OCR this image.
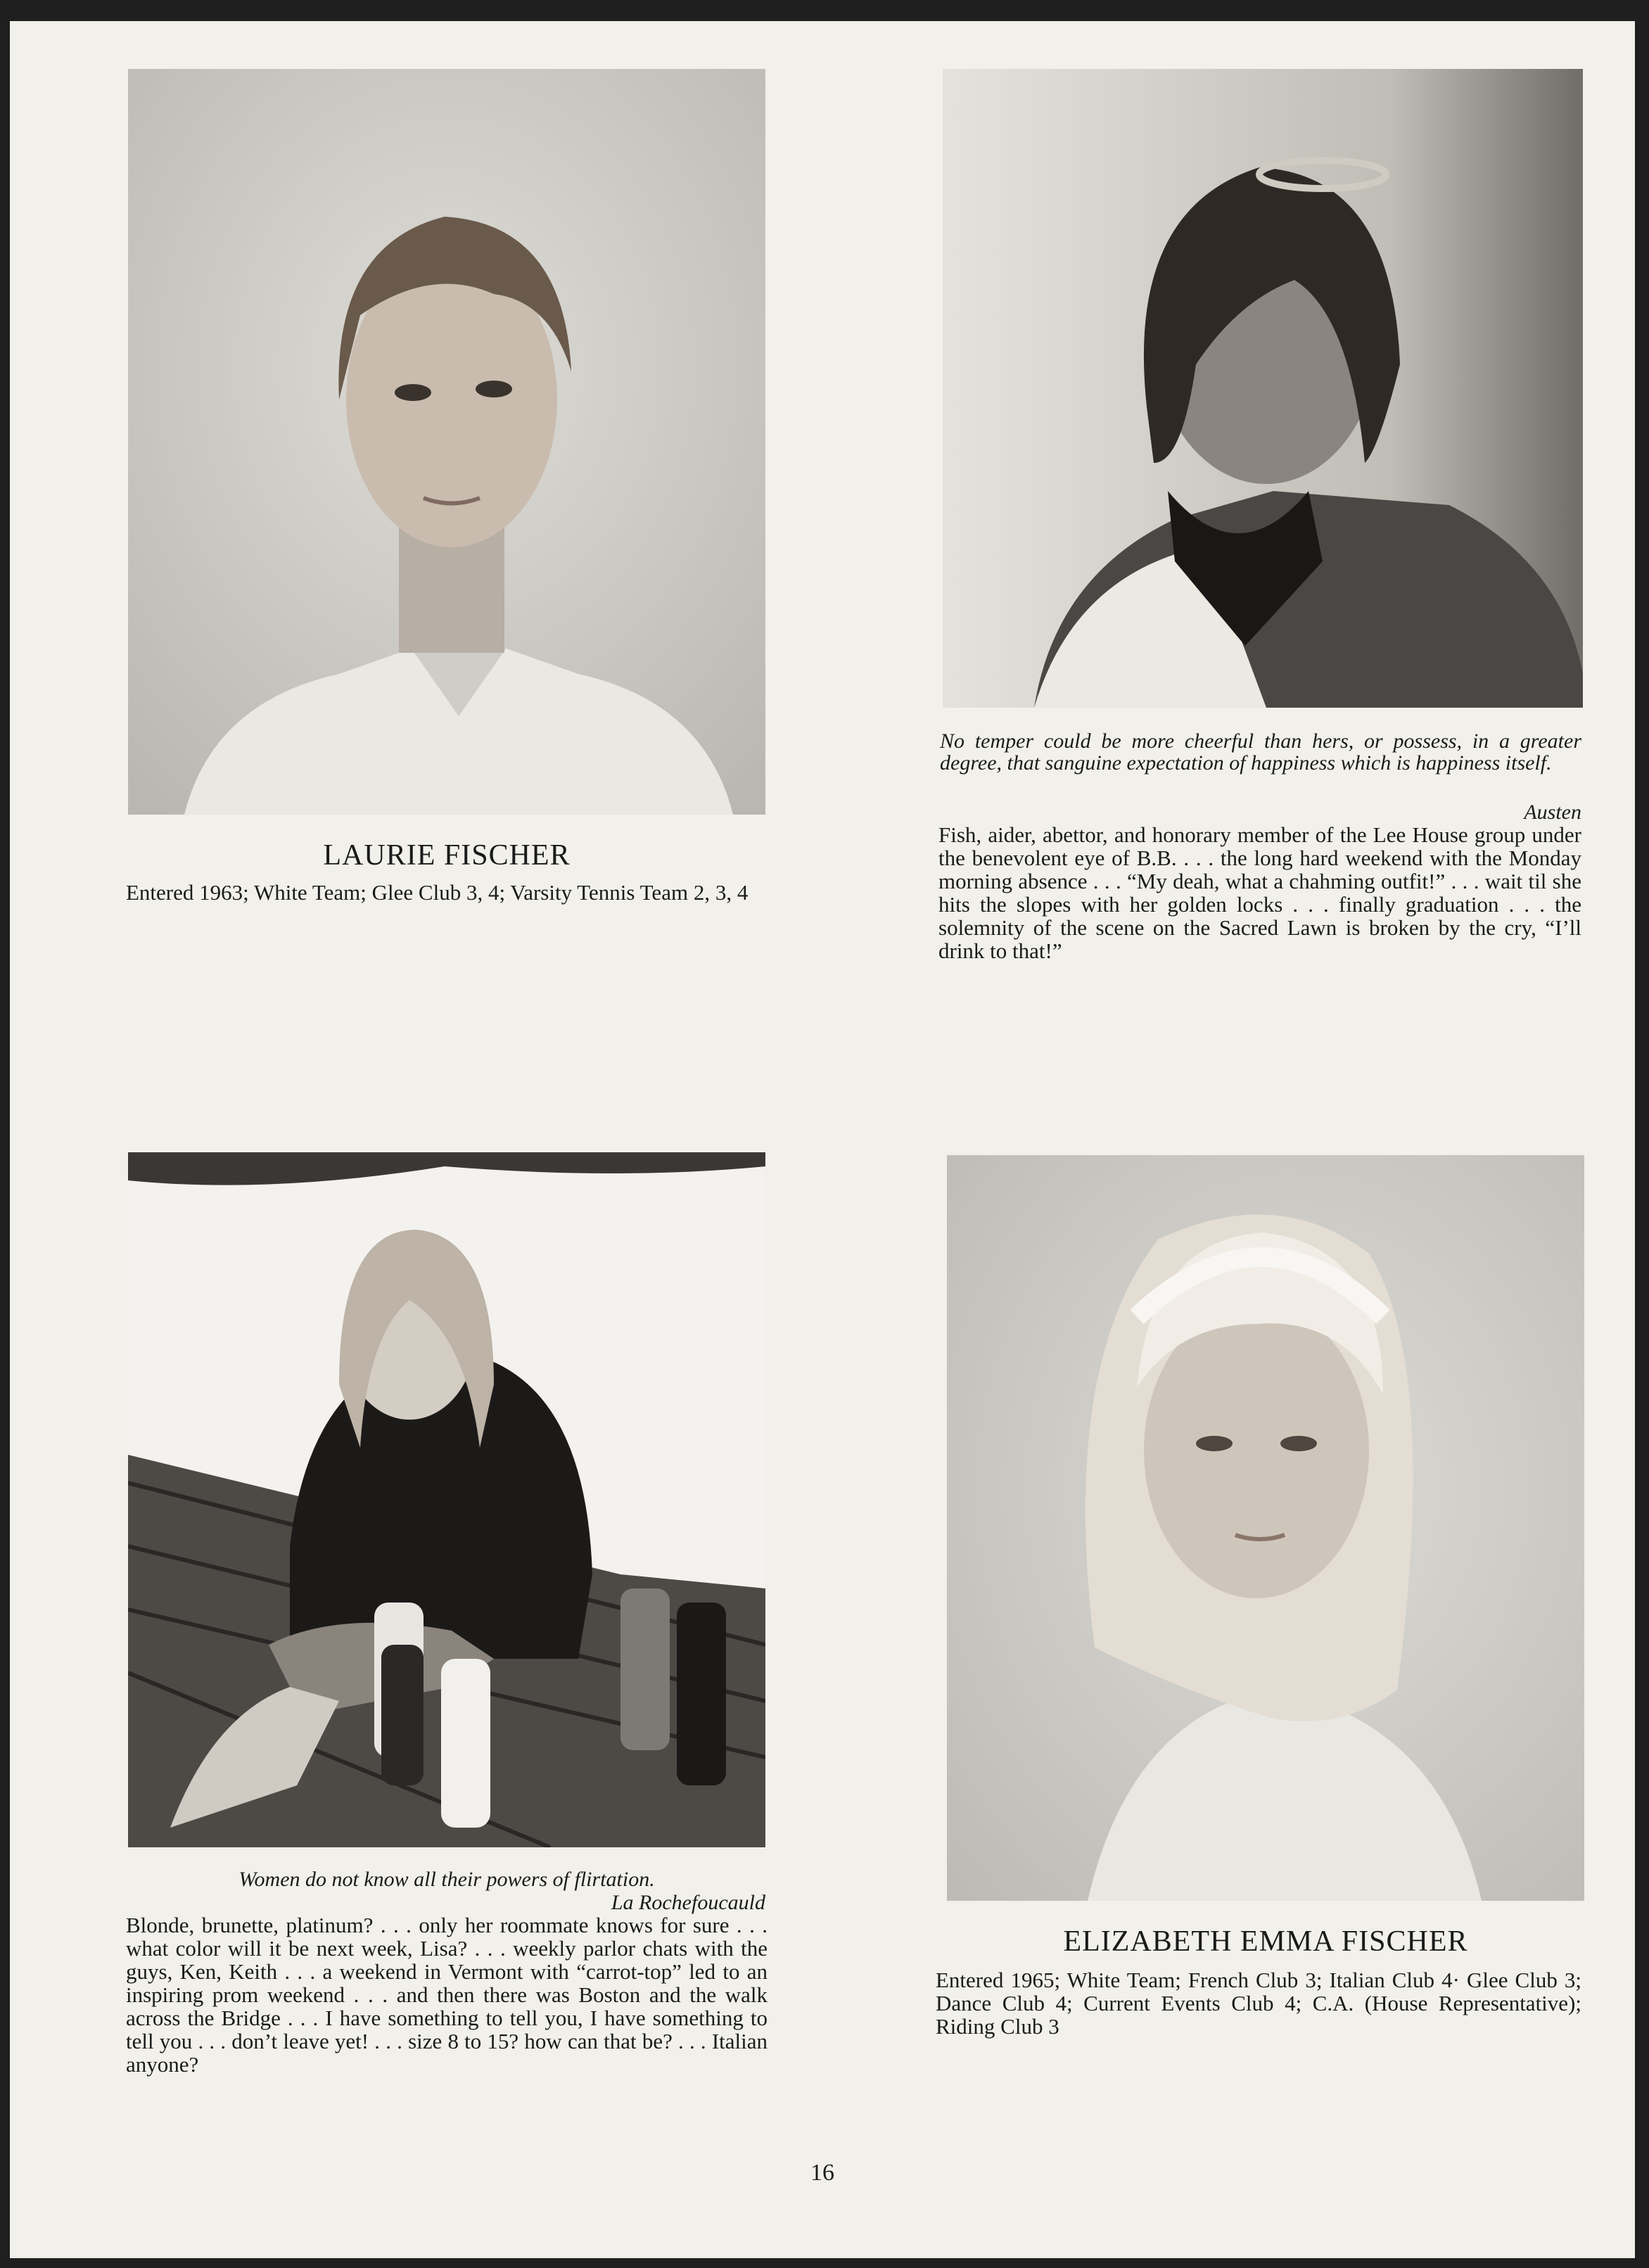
LAURIE FISCHER

Entered 1963; White Team; Glee Club 3, 4; Varsity Tennis Team 2, 3, 4

No temper could be more cheerful than hers, or possess, in a greater degree, that sanguine expectation of happiness which is happiness itself.

Austen

Fish, aider, abettor, and honorary member of the Lee House group under the benevolent eye of B.B. . . . the long hard weekend with the Monday morning absence . . . “My deah, what a chahming outfit!” . . . wait til she hits the slopes with her golden locks . . . finally graduation . . . the solemnity of the scene on the Sacred Lawn is broken by the cry, “I’ll drink to that!”

Women do not know all their powers of flirtation.

La Rochefoucauld

Blonde, brunette, platinum? . . . only her roommate knows for sure . . . what color will it be next week, Lisa? . . . weekly parlor chats with the guys, Ken, Keith . . . a weekend in Vermont with “carrot-top” led to an inspiring prom weekend . . . and then there was Boston and the walk across the Bridge . . . I have something to tell you, I have something to tell you . . . don’t leave yet! . . . size 8 to 15? how can that be? . . . Italian anyone?

ELIZABETH EMMA FISCHER

Entered 1965; White Team; French Club 3; Italian Club 4· Glee Club 3; Dance Club 4; Current Events Club 4; C.A. (House Representative); Riding Club 3

16
